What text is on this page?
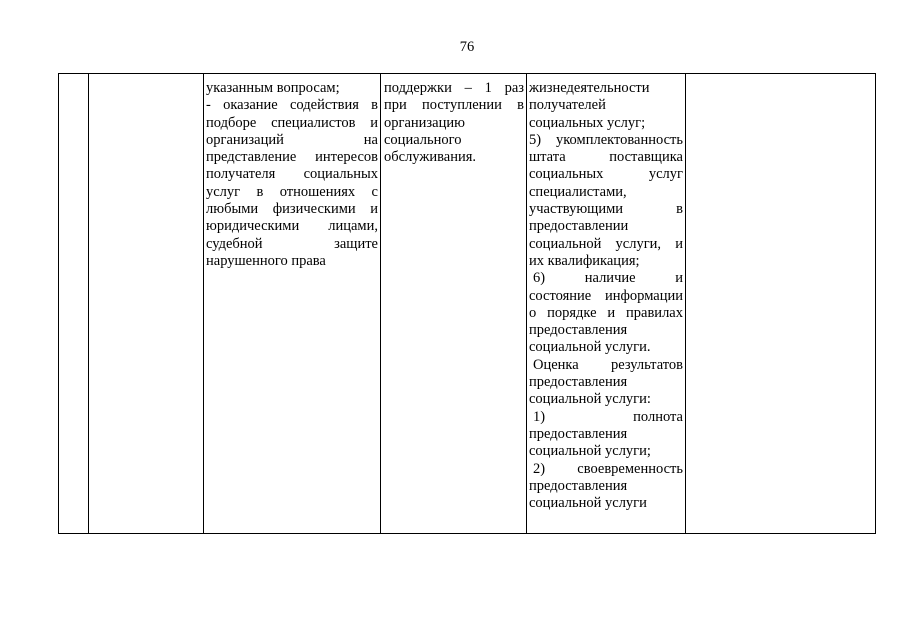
76
указанным вопросам;
- оказание содействия в
подборе специалистов и
организаций на
представление интересов
получателя социальных
услуг в отношениях с
любыми физическими и
юридическими лицами,
судебной защите
нарушенного права
поддержки – 1 раз
при поступлении в
организацию
социального
обслуживания.
жизнедеятельности
получателей
социальных услуг;
5) укомплектованность
штата поставщика
социальных услуг
специалистами,
участвующими в
предоставлении
социальной услуги, и
их квалификация;
6) наличие и
состояние информации
о порядке и правилах
предоставления
социальной услуги.
Оценка результатов
предоставления
социальной услуги:
1) полнота
предоставления
социальной услуги;
2) своевременность
предоставления
социальной услуги
